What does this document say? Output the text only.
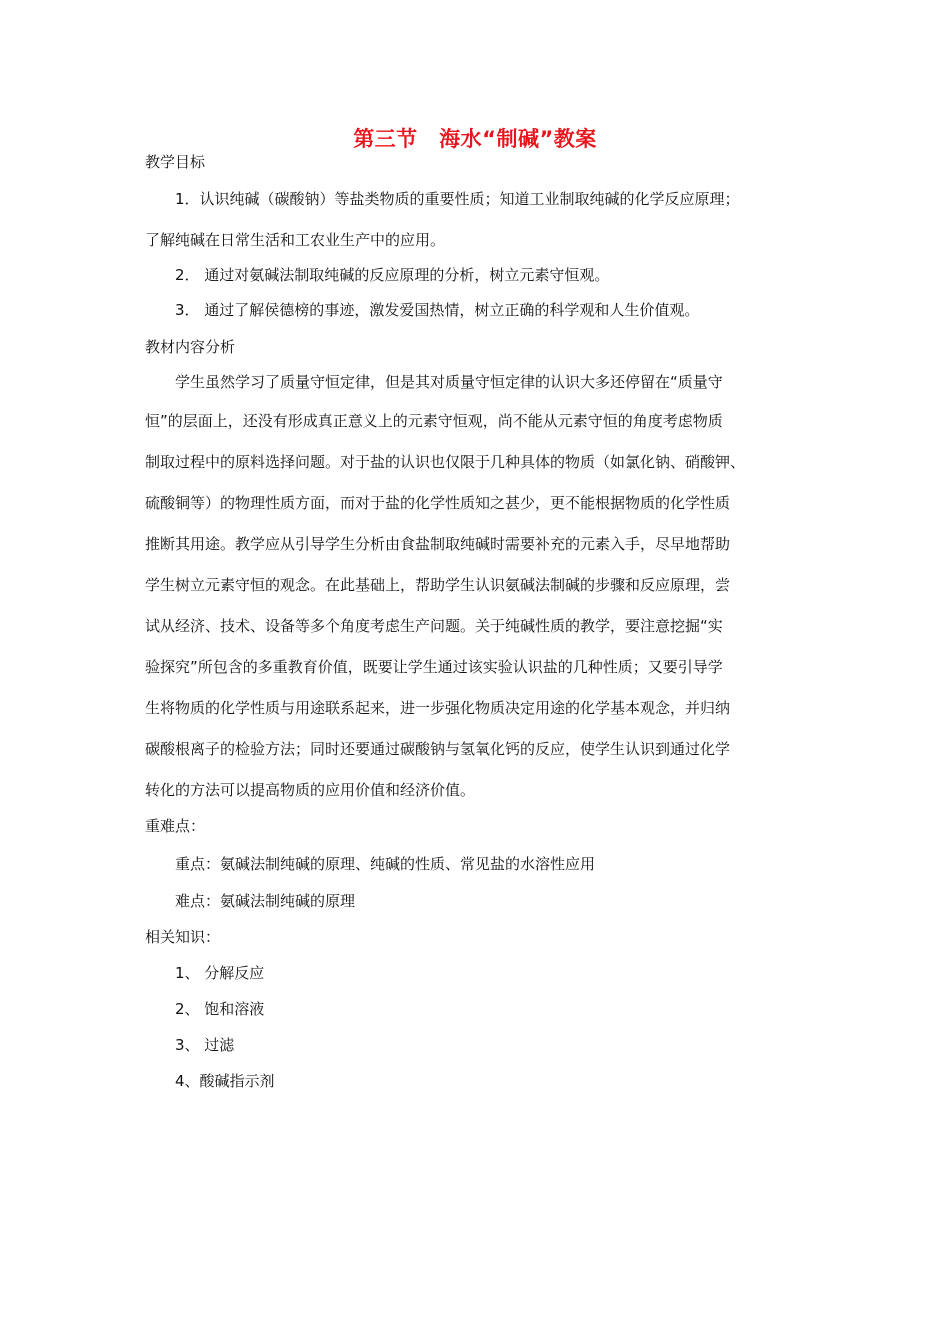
第三节　海水“制碱”教案
教学目标
1．认识纯碱（碳酸钠）等盐类物质的重要性质；知道工业制取纯碱的化学反应原理；
了解纯碱在日常生活和工农业生产中的应用。
2． 通过对氨碱法制取纯碱的反应原理的分析，树立元素守恒观。
3． 通过了解侯德榜的事迹，激发爱国热情，树立正确的科学观和人生价值观。
教材内容分析
学生虽然学习了质量守恒定律，但是其对质量守恒定律的认识大多还停留在“质量守
恒”的层面上，还没有形成真正意义上的元素守恒观，尚不能从元素守恒的角度考虑物质
制取过程中的原料选择问题。对于盐的认识也仅限于几种具体的物质（如氯化钠、硝酸钾、
硫酸铜等）的物理性质方面，而对于盐的化学性质知之甚少，更不能根据物质的化学性质
推断其用途。教学应从引导学生分析由食盐制取纯碱时需要补充的元素入手，尽早地帮助
学生树立元素守恒的观念。在此基础上，帮助学生认识氨碱法制碱的步骤和反应原理，尝
试从经济、技术、设备等多个角度考虑生产问题。关于纯碱性质的教学，要注意挖掘“实
验探究”所包含的多重教育价值，既要让学生通过该实验认识盐的几种性质；又要引导学
生将物质的化学性质与用途联系起来，进一步强化物质决定用途的化学基本观念，并归纳
碳酸根离子的检验方法；同时还要通过碳酸钠与氢氧化钙的反应，使学生认识到通过化学
转化的方法可以提高物质的应用价值和经济价值。
重难点：
重点：氨碱法制纯碱的原理、纯碱的性质、常见盐的水溶性应用
难点：氨碱法制纯碱的原理
相关知识：
1、 分解反应
2、 饱和溶液
3、 过滤
4、酸碱指示剂
